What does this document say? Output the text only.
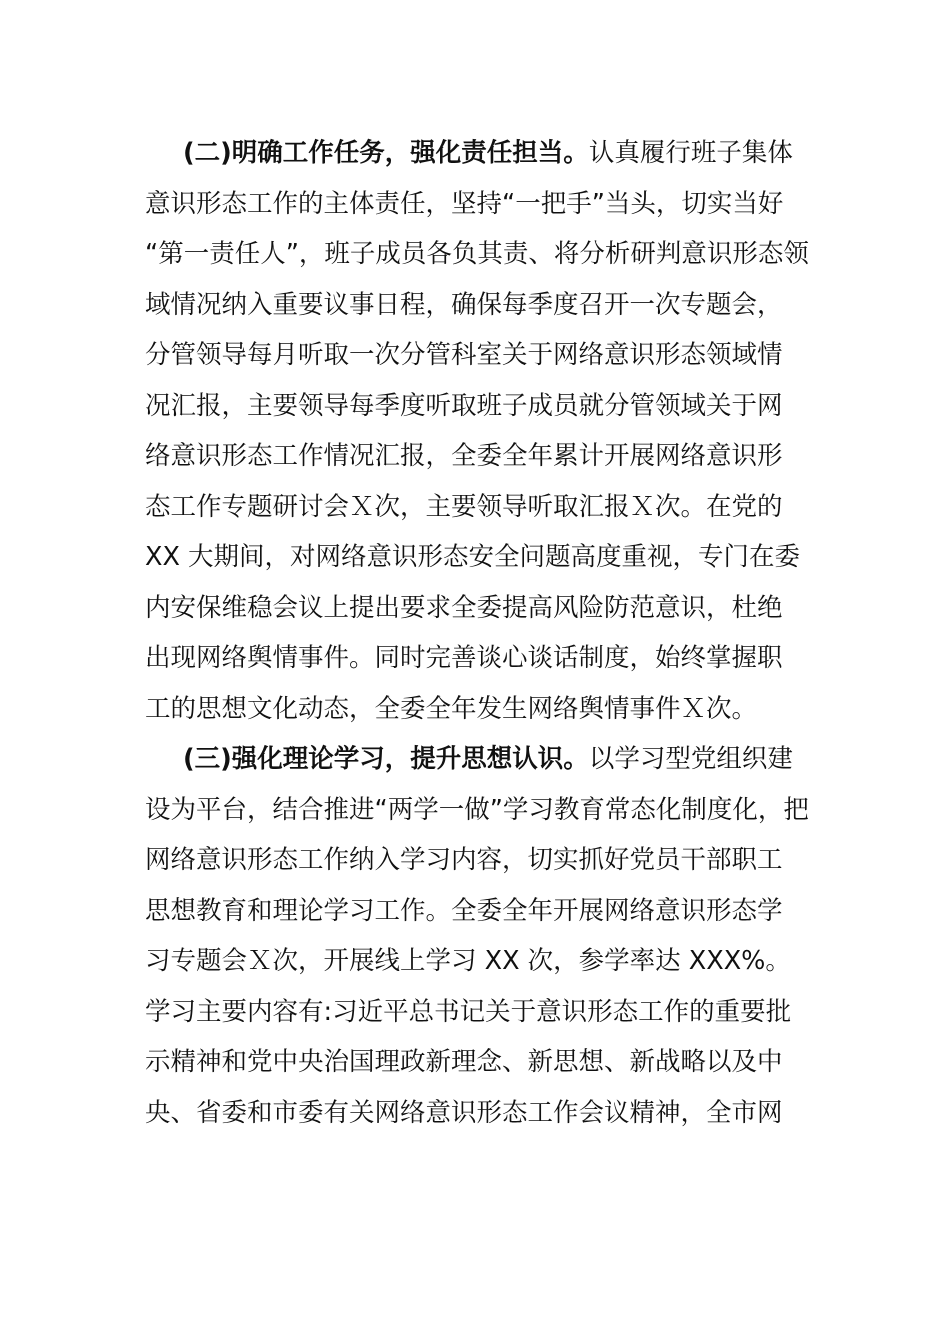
(二)明确工作任务，强化责任担当。认真履行班子集体
意识形态工作的主体责任，坚持“一把手”当头，切实当好
“第一责任人”，班子成员各负其责、将分析研判意识形态领
域情况纳入重要议事日程，确保每季度召开一次专题会，
分管领导每月听取一次分管科室关于网络意识形态领域情
况汇报，主要领导每季度听取班子成员就分管领域关于网
络意识形态工作情况汇报，全委全年累计开展网络意识形
态工作专题研讨会Ｘ次，主要领导听取汇报Ｘ次。在党的
XX 大期间，对网络意识形态安全问题高度重视，专门在委
内安保维稳会议上提出要求全委提高风险防范意识，杜绝
出现网络舆情事件。同时完善谈心谈话制度，始终掌握职
工的思想文化动态，全委全年发生网络舆情事件Ｘ次。
(三)强化理论学习，提升思想认识。以学习型党组织建
设为平台，结合推进“两学一做”学习教育常态化制度化，把
网络意识形态工作纳入学习内容，切实抓好党员干部职工
思想教育和理论学习工作。全委全年开展网络意识形态学
习专题会Ｘ次，开展线上学习 XX 次，参学率达 XXX%。
学习主要内容有:习近平总书记关于意识形态工作的重要批
示精神和党中央治国理政新理念、新思想、新战略以及中
央、省委和市委有关网络意识形态工作会议精神，全市网
